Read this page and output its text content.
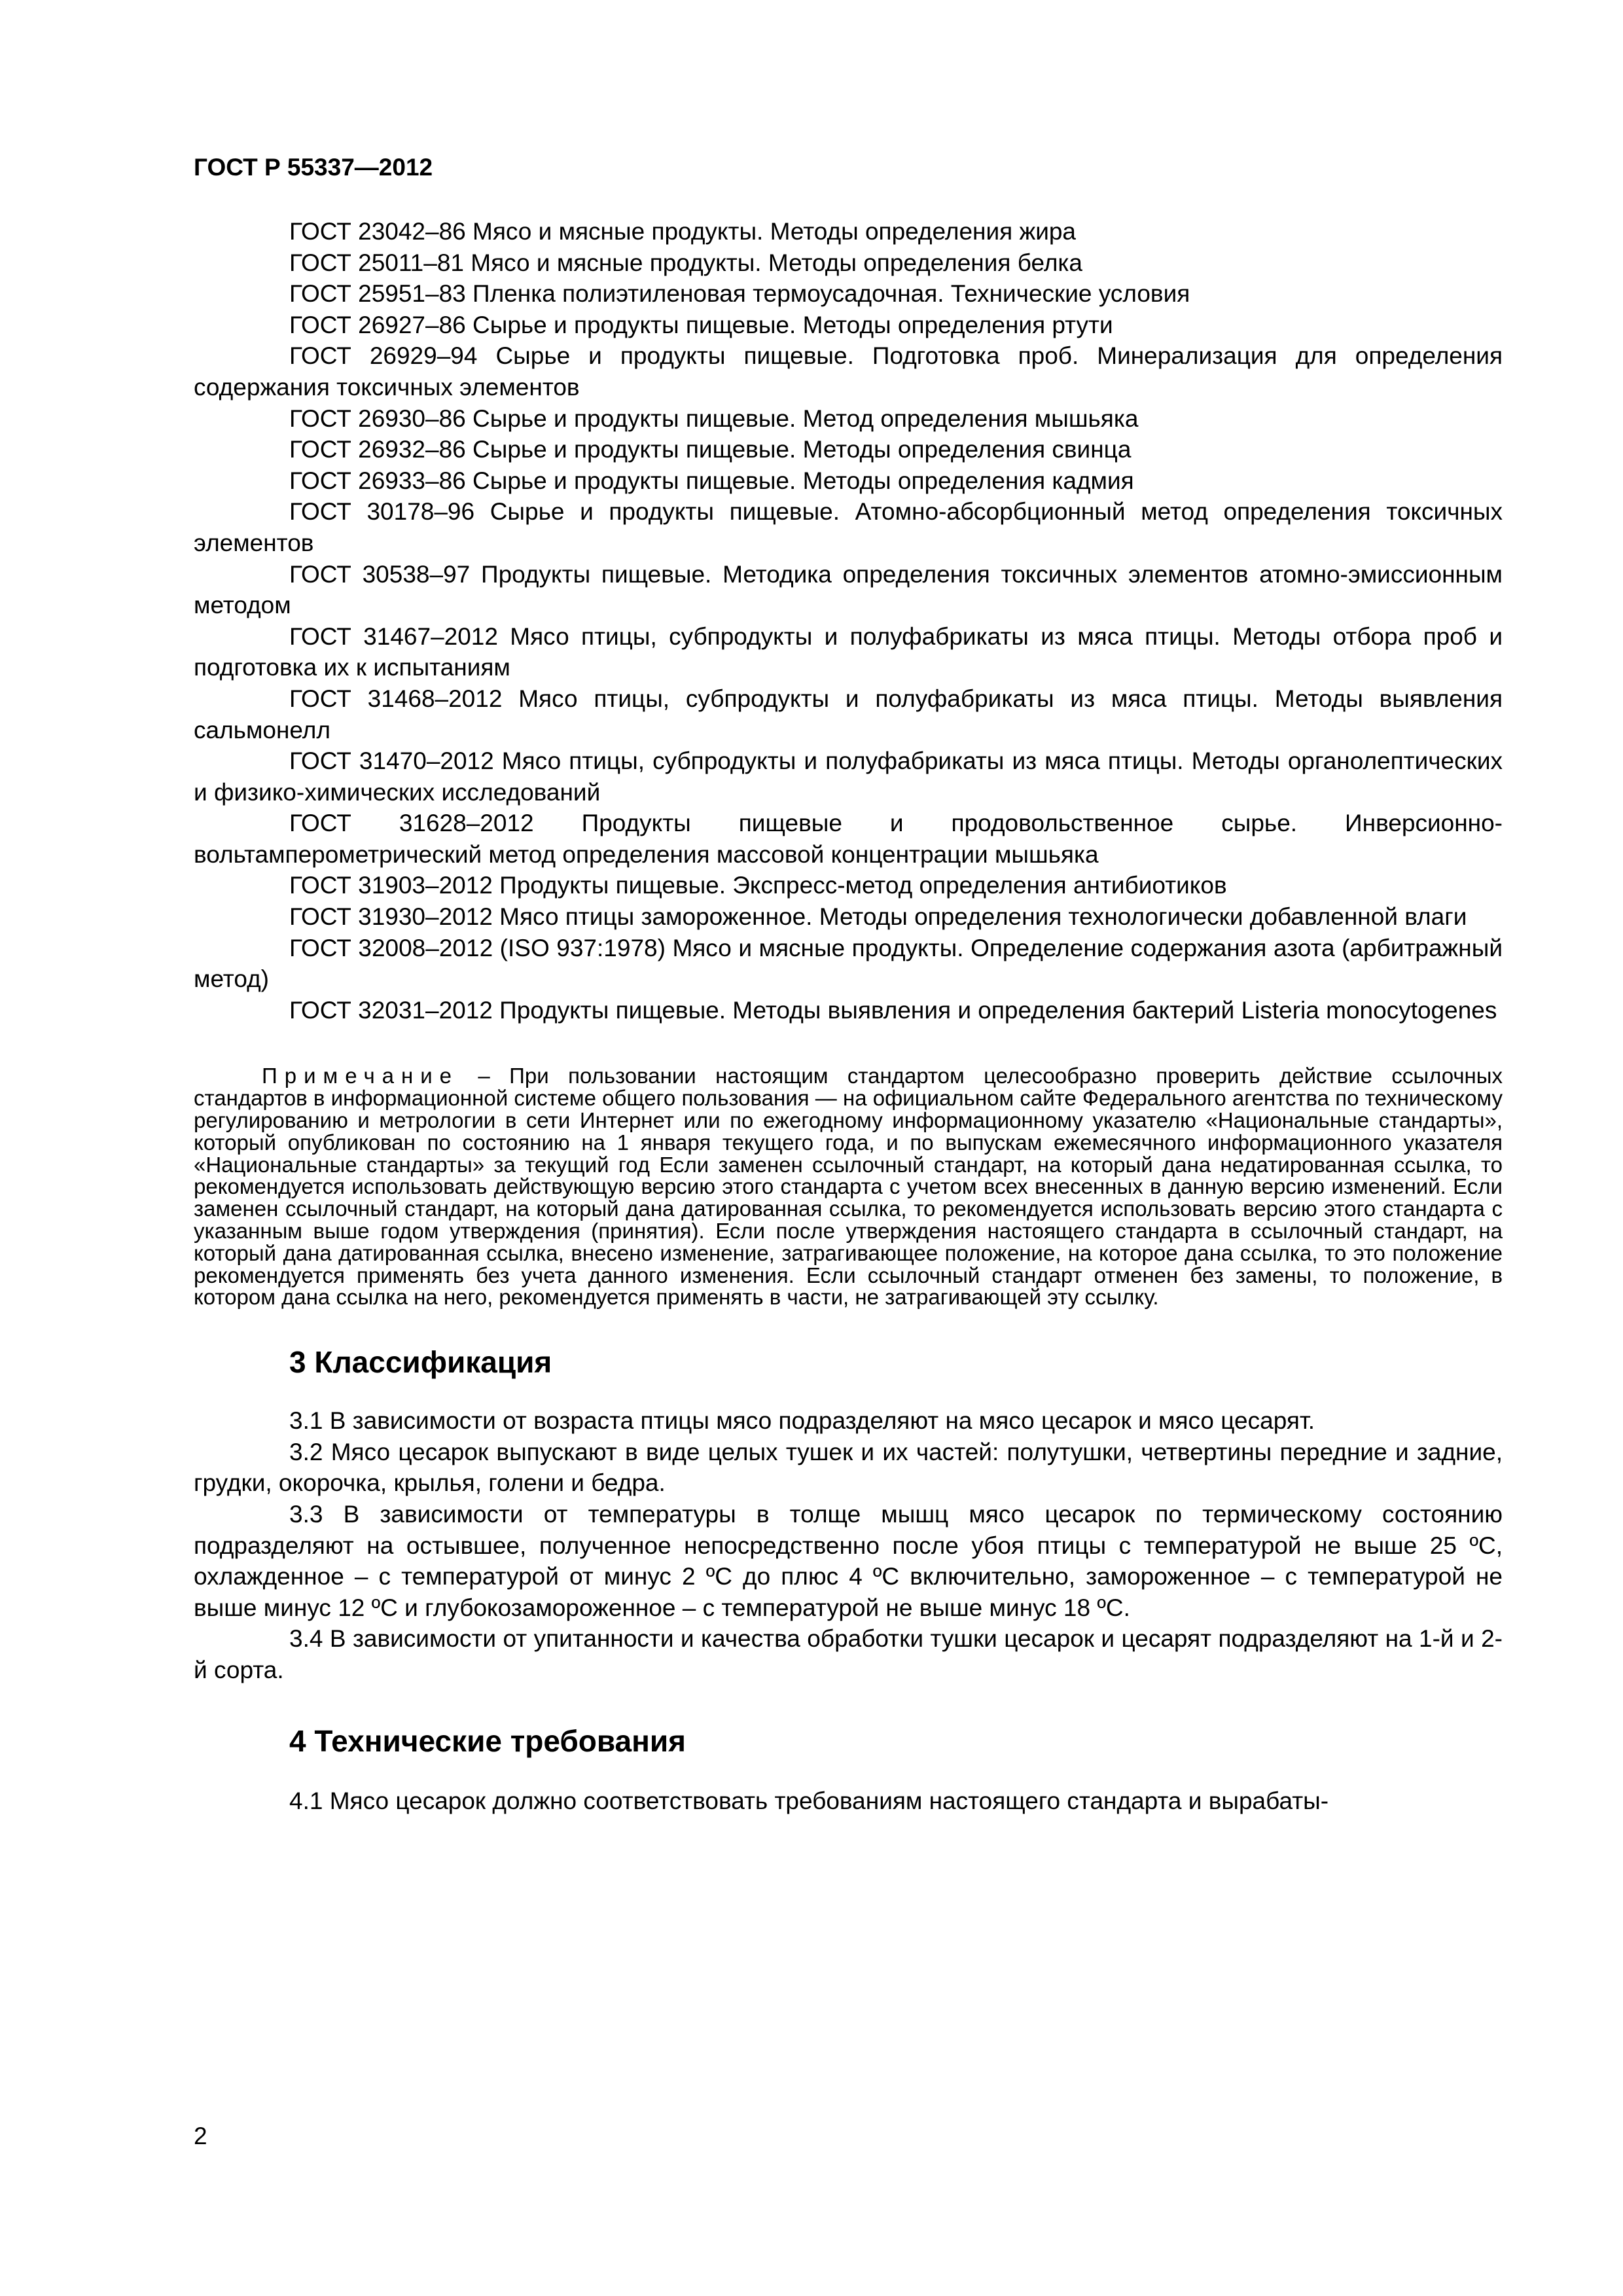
ГОСТ Р 55337—2012

ГОСТ 23042–86 Мясо и мясные продукты. Методы определения жира

ГОСТ 25011–81 Мясо и мясные продукты. Методы определения белка

ГОСТ 25951–83 Пленка полиэтиленовая термоусадочная. Технические условия

ГОСТ 26927–86 Сырье и продукты пищевые. Методы определения ртути

ГОСТ 26929–94 Сырье и продукты пищевые. Подготовка проб. Минерализация для определения содержания токсичных элементов

ГОСТ 26930–86 Сырье и продукты пищевые. Метод определения мышьяка

ГОСТ 26932–86 Сырье и продукты пищевые. Методы определения свинца

ГОСТ 26933–86 Сырье и продукты пищевые. Методы определения кадмия

ГОСТ 30178–96 Сырье и продукты пищевые. Атомно-абсорбционный метод определения токсичных элементов

ГОСТ 30538–97 Продукты пищевые. Методика определения токсичных элементов атомно-эмиссионным методом

ГОСТ 31467–2012 Мясо птицы, субпродукты и полуфабрикаты из мяса птицы. Методы отбора проб и подготовка их к испытаниям

ГОСТ 31468–2012 Мясо птицы, субпродукты и полуфабрикаты из мяса птицы. Методы выявления сальмонелл

ГОСТ 31470–2012 Мясо птицы, субпродукты и полуфабрикаты из мяса птицы. Методы органолептических и физико-химических исследований

ГОСТ 31628–2012 Продукты пищевые и продовольственное сырье. Инверсионно-вольтамперометрический метод определения массовой концентрации мышьяка

ГОСТ 31903–2012 Продукты пищевые. Экспресс-метод определения антибиотиков

ГОСТ 31930–2012 Мясо птицы замороженное. Методы определения технологически добавленной влаги

ГОСТ 32008–2012 (ISO 937:1978) Мясо и мясные продукты. Определение содержания азота (арбитражный метод)

ГОСТ 32031–2012 Продукты пищевые. Методы выявления и определения бактерий Listeria monocytogenes

Примечание – При пользовании настоящим стандартом целесообразно проверить действие ссылочных стандартов в информационной системе общего пользования — на официальном сайте Федерального агентства по техническому регулированию и метрологии в сети Интернет или по ежегодному информационному указателю «Национальные стандарты», который опубликован по состоянию на 1 января текущего года, и по выпускам ежемесячного информационного указателя «Национальные стандарты» за текущий год Если заменен ссылочный стандарт, на который дана недатированная ссылка, то рекомендуется использовать действующую версию этого стандарта с учетом всех внесенных в данную версию изменений. Если заменен ссылочный стандарт, на который дана датированная ссылка, то рекомендуется использовать версию этого стандарта с указанным выше годом утверждения (принятия). Если после утверждения настоящего стандарта в ссылочный стандарт, на который дана датированная ссылка, внесено изменение, затрагивающее положение, на которое дана ссылка, то это положение рекомендуется применять без учета данного изменения. Если ссылочный стандарт отменен без замены, то положение, в котором дана ссылка на него, рекомендуется применять в части, не затрагивающей эту ссылку.

3 Классификация

3.1 В зависимости от возраста птицы мясо подразделяют на мясо цесарок и мясо цесарят.

3.2 Мясо цесарок выпускают в виде целых тушек и их частей: полутушки, четвертины передние и задние, грудки, окорочка, крылья, голени и бедра.

3.3 В зависимости от температуры в толще мышц мясо цесарок по термическому состоянию подразделяют на остывшее, полученное непосредственно после убоя птицы с температурой не выше 25 ºС, охлажденное – с температурой от минус 2 ºС до плюс 4 ºС включительно, замороженное – с температурой не выше минус 12 ºС и глубокозамороженное – с температурой не выше минус 18 ºС.

3.4 В зависимости от упитанности и качества обработки тушки цесарок и цесарят подразделяют на 1-й и 2-й сорта.

4 Технические требования

4.1 Мясо цесарок должно соответствовать требованиям настоящего стандарта и вырабаты-

2
